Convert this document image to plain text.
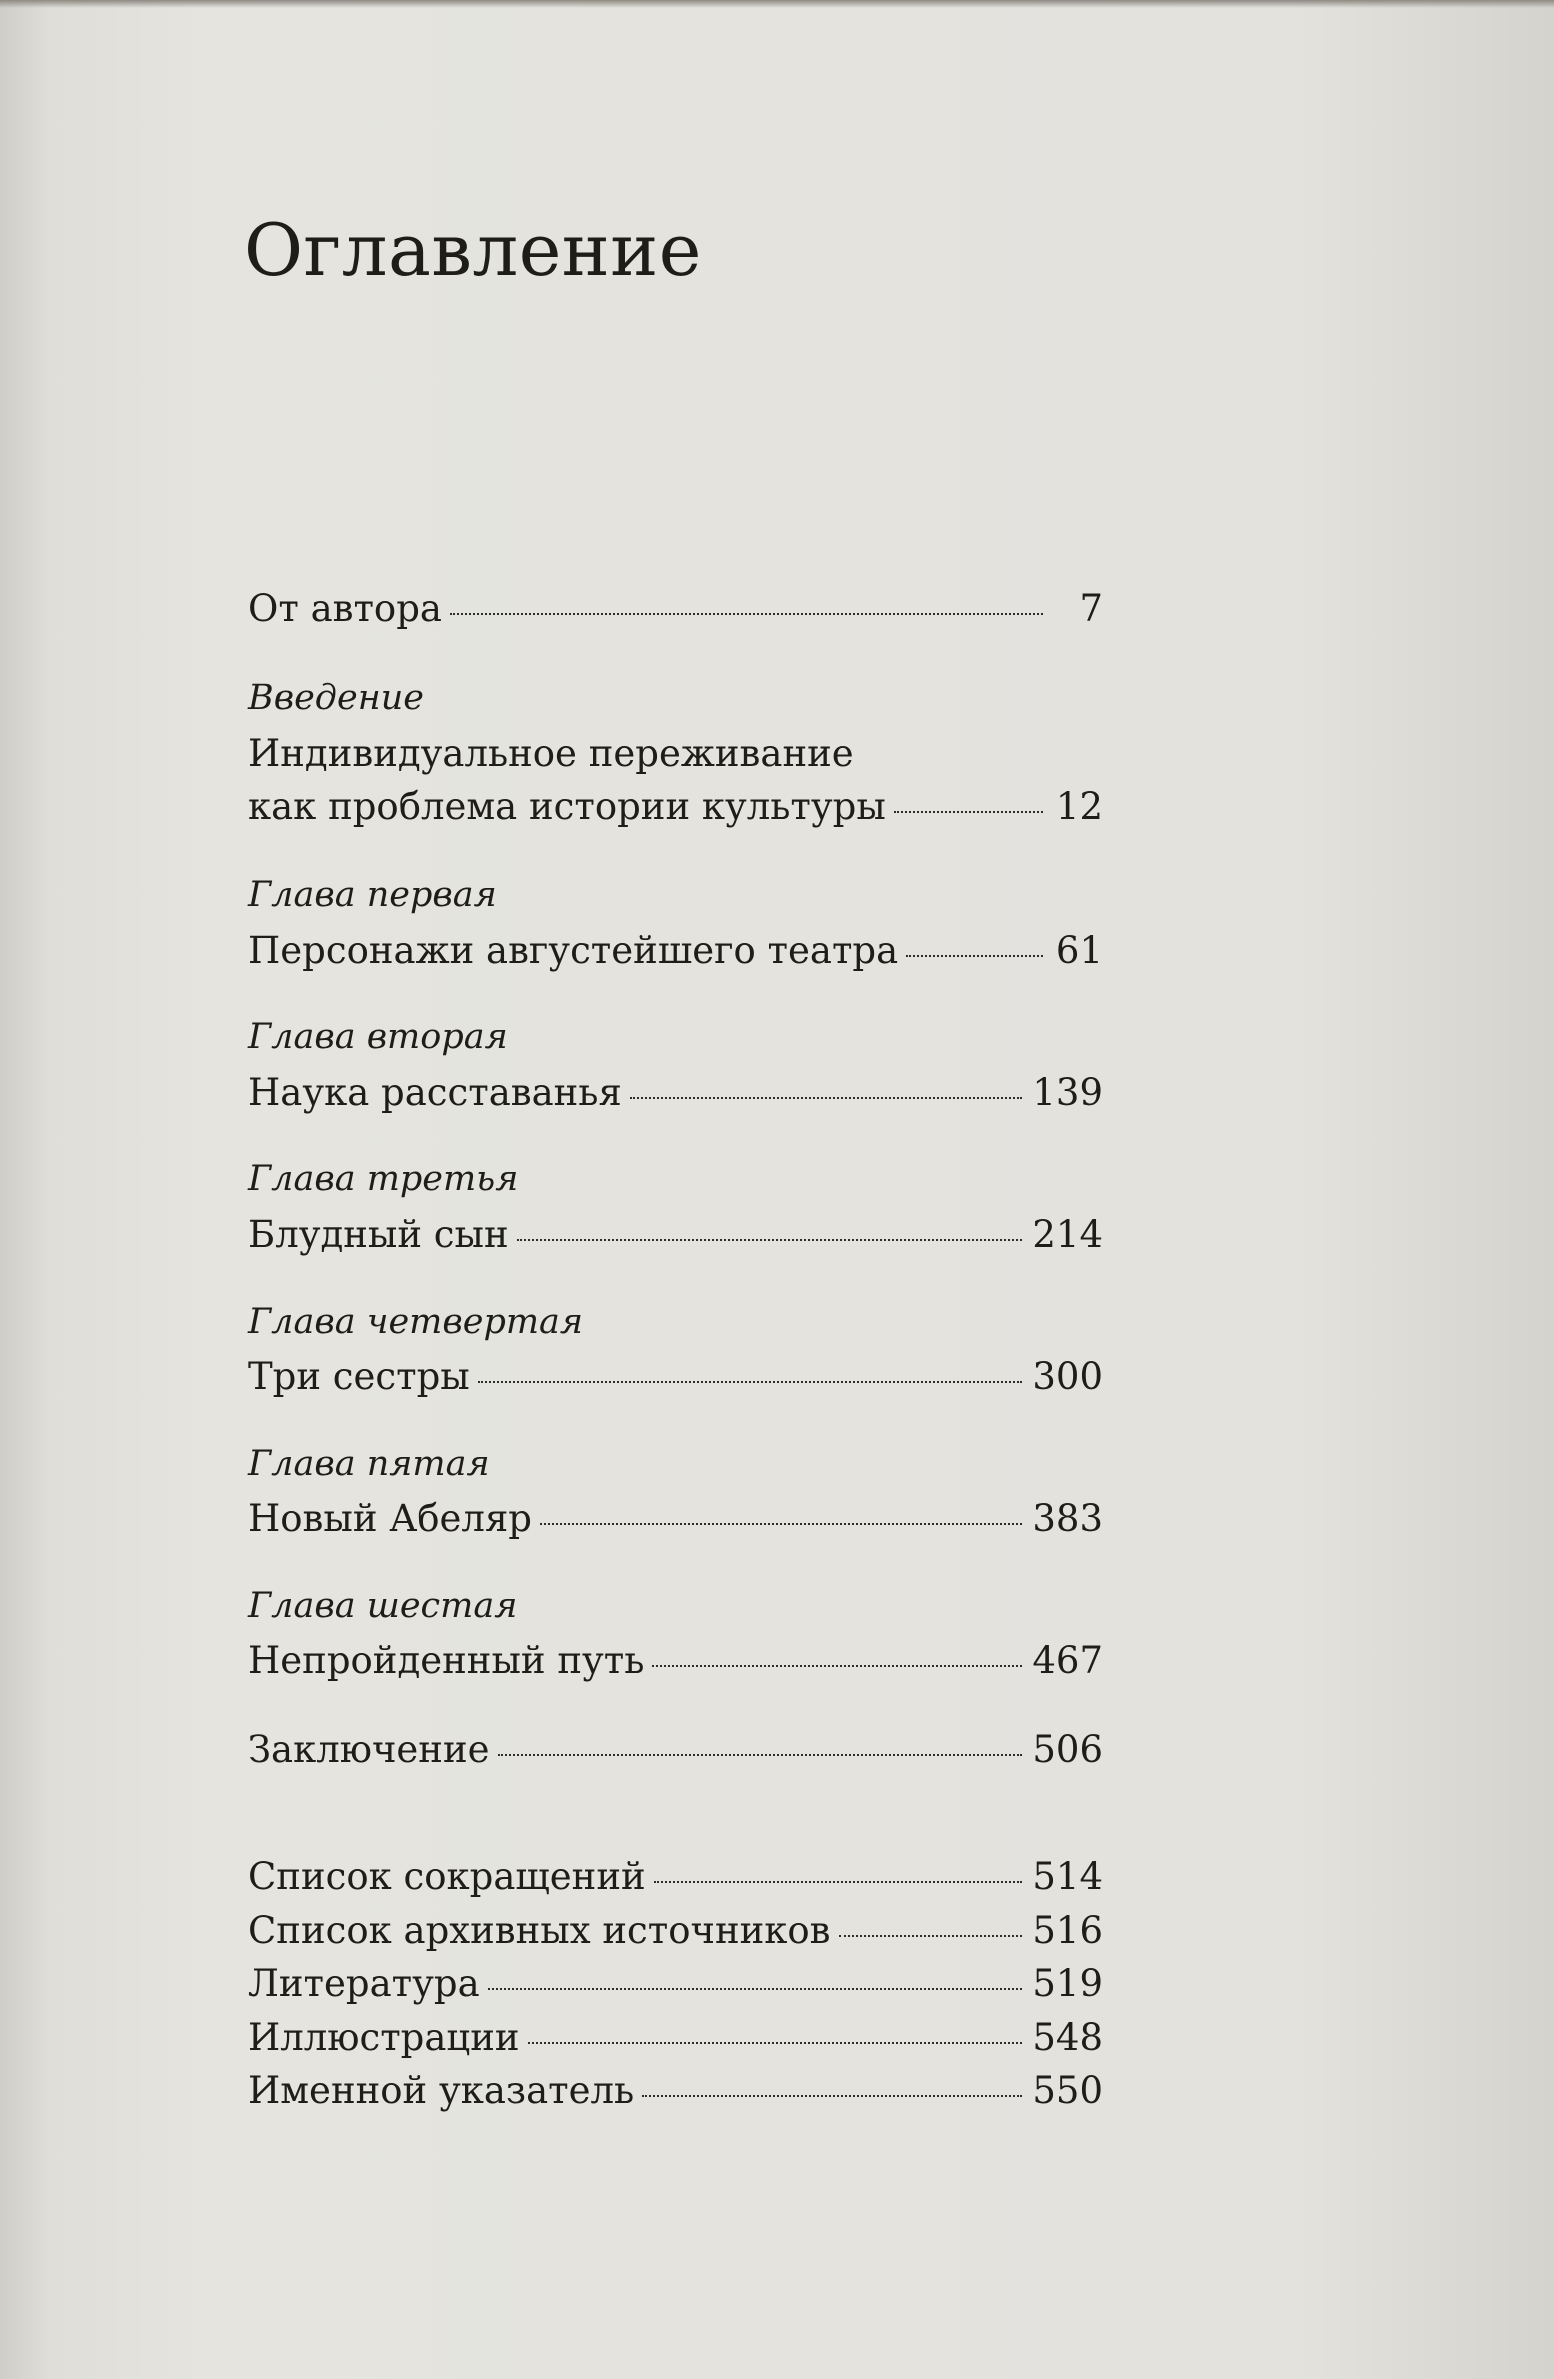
Оглавление
От автора	7
Введение
Индивидуальное переживание
как проблема истории культуры	12
Глава первая
Персонажи августейшего театра	61
Глава вторая
Наука расставанья	139
Глава третья
Блудный сын	214
Глава четвертая
Три сестры	300
Глава пятая
Новый Абеляр	383
Глава шестая
Непройденный путь	467
Заключение	506
Список сокращений	514
Список архивных источников	516
Литература	519
Иллюстрации	548
Именной указатель	550
